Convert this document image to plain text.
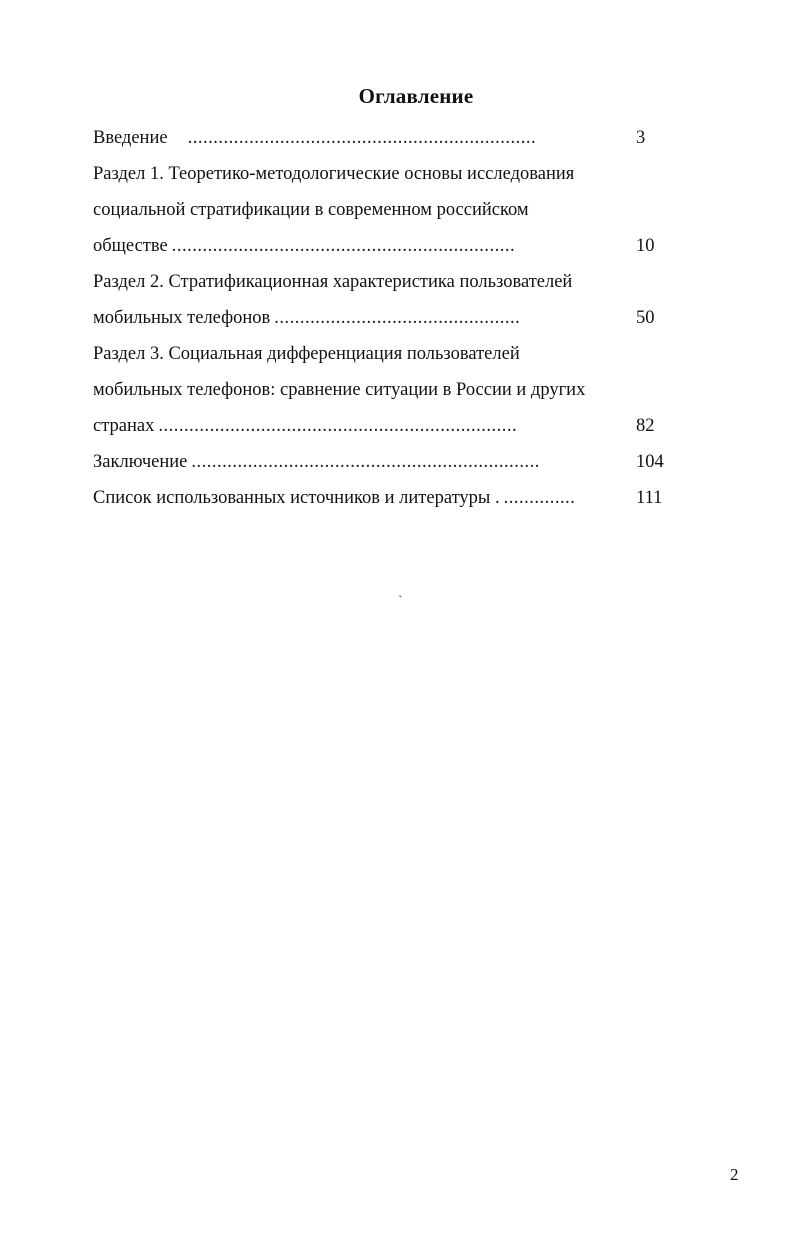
Оглавление
Введение ....................................................................	3
Раздел 1. Теоретико-методологические основы исследования
социальной стратификации в современном российском
обществе ...................................................................	10
Раздел 2. Стратификационная характеристика пользователей
мобильных телефонов ................................................	50
Раздел 3. Социальная дифференциация пользователей
мобильных телефонов: сравнение ситуации в России и других
странах ......................................................................	82
Заключение ....................................................................	104
Список использованных источников и литературы . ..............	111
`
2
